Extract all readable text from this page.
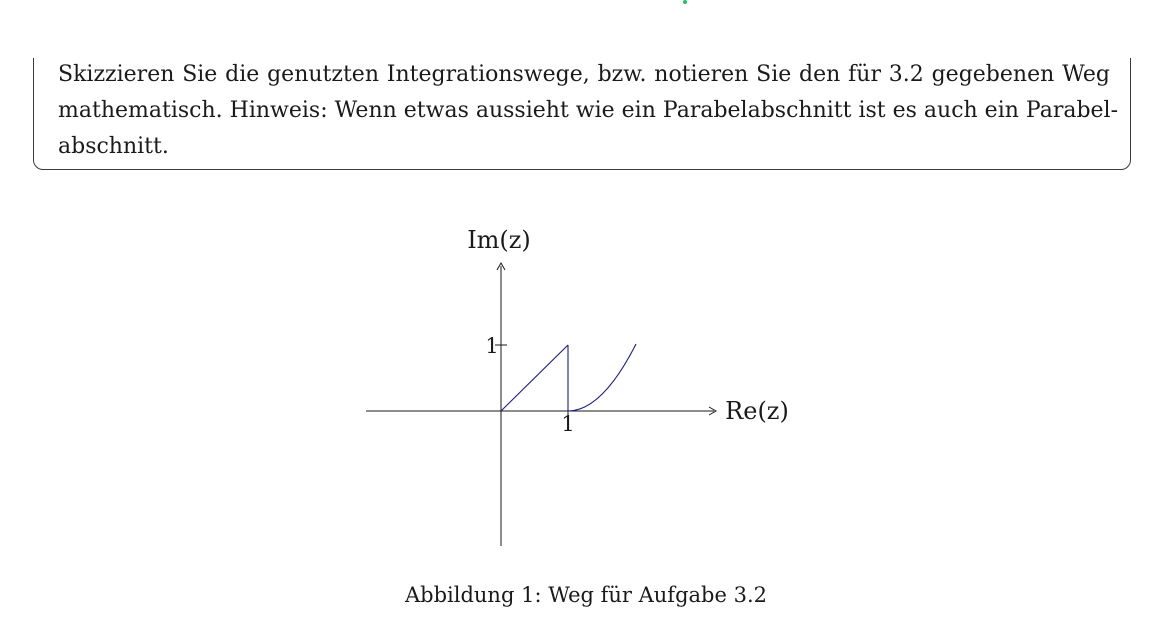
Skizzieren Sie die genutzten Integrationswege, bzw. notieren Sie den für 3.2 gegebenen Weg
mathematisch. Hinweis: Wenn etwas aussieht wie ein Parabelabschnitt ist es auch ein Parabel-
abschnitt.
Im(z)
Re(z)
1
1
Abbildung 1: Weg für Aufgabe 3.2
